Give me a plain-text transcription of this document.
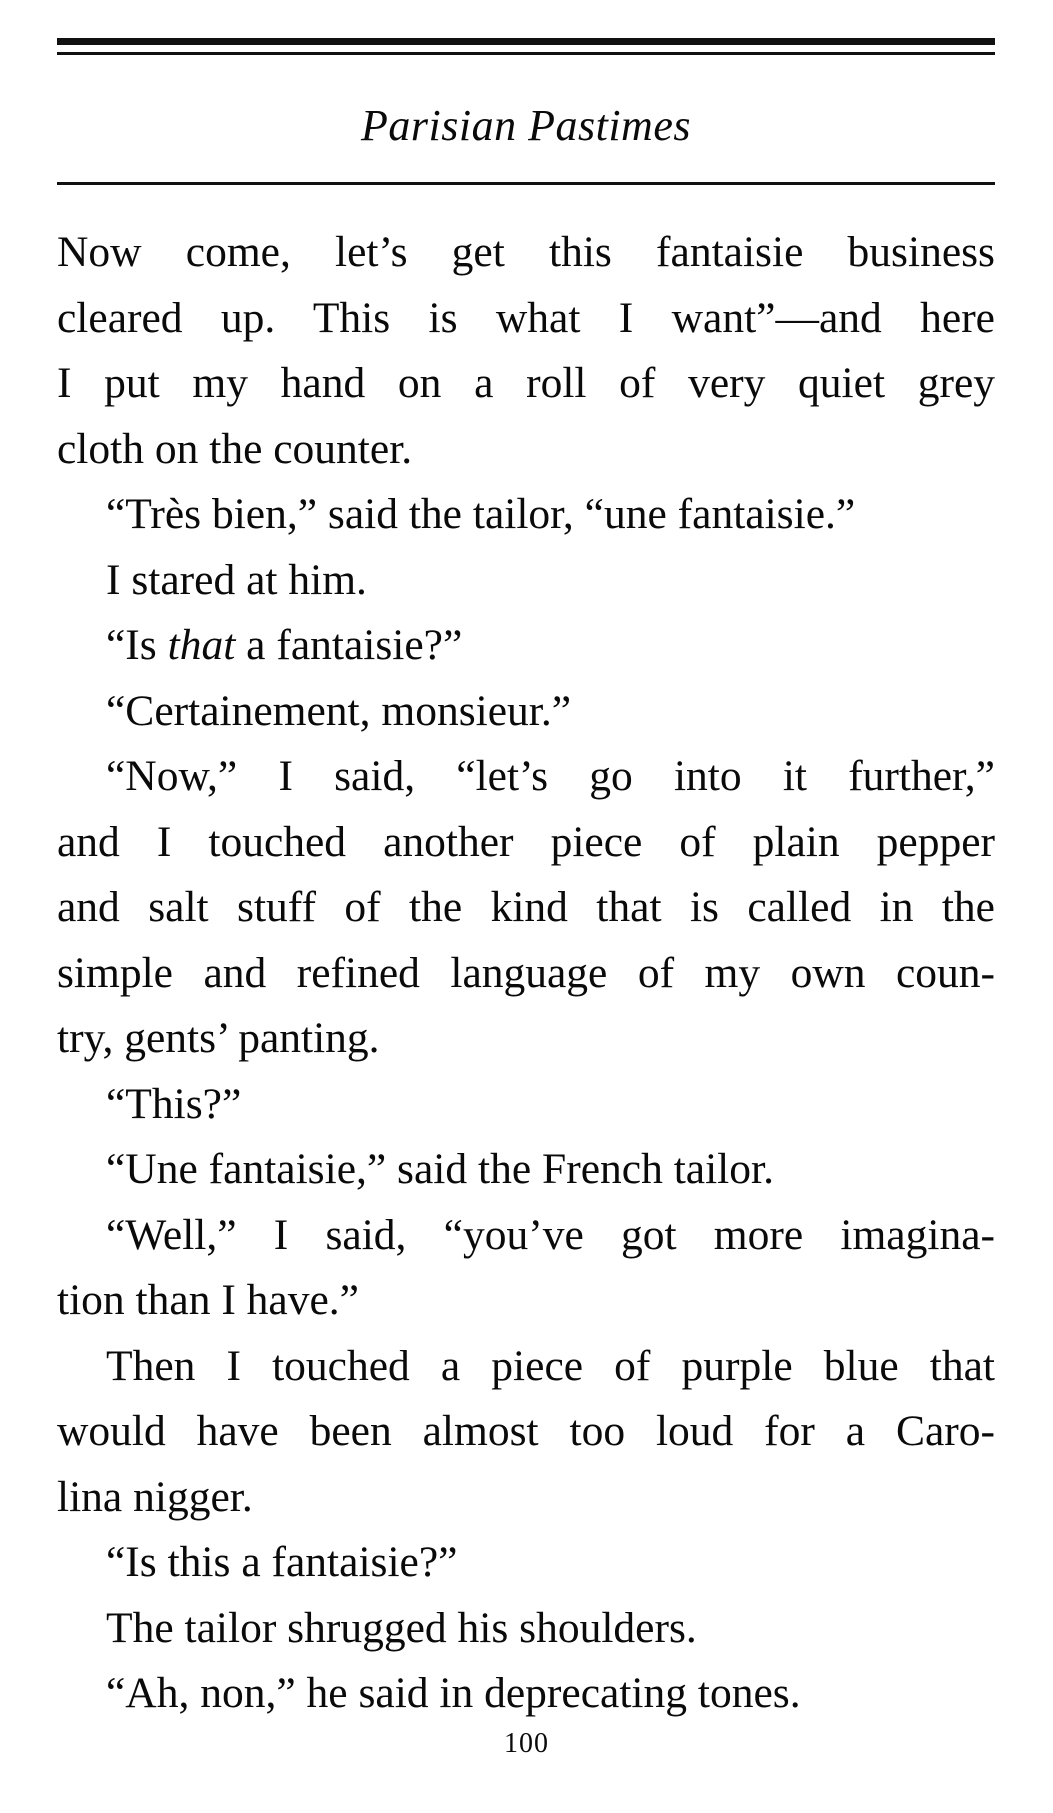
Parisian Pastimes
Now come, let’s get this fantaisie business
cleared up. This is what I want”—and here
I put my hand on a roll of very quiet grey
cloth on the counter.
“Très bien,” said the tailor, “une fantaisie.”
I stared at him.
“Is that a fantaisie?”
“Certainement, monsieur.”
“Now,” I said, “let’s go into it further,”
and I touched another piece of plain pepper
and salt stuff of the kind that is called in the
simple and refined language of my own coun-
try, gents’ panting.
“This?”
“Une fantaisie,” said the French tailor.
“Well,” I said, “you’ve got more imagina-
tion than I have.”
Then I touched a piece of purple blue that
would have been almost too loud for a Caro-
lina nigger.
“Is this a fantaisie?”
The tailor shrugged his shoulders.
“Ah, non,” he said in deprecating tones.
100
